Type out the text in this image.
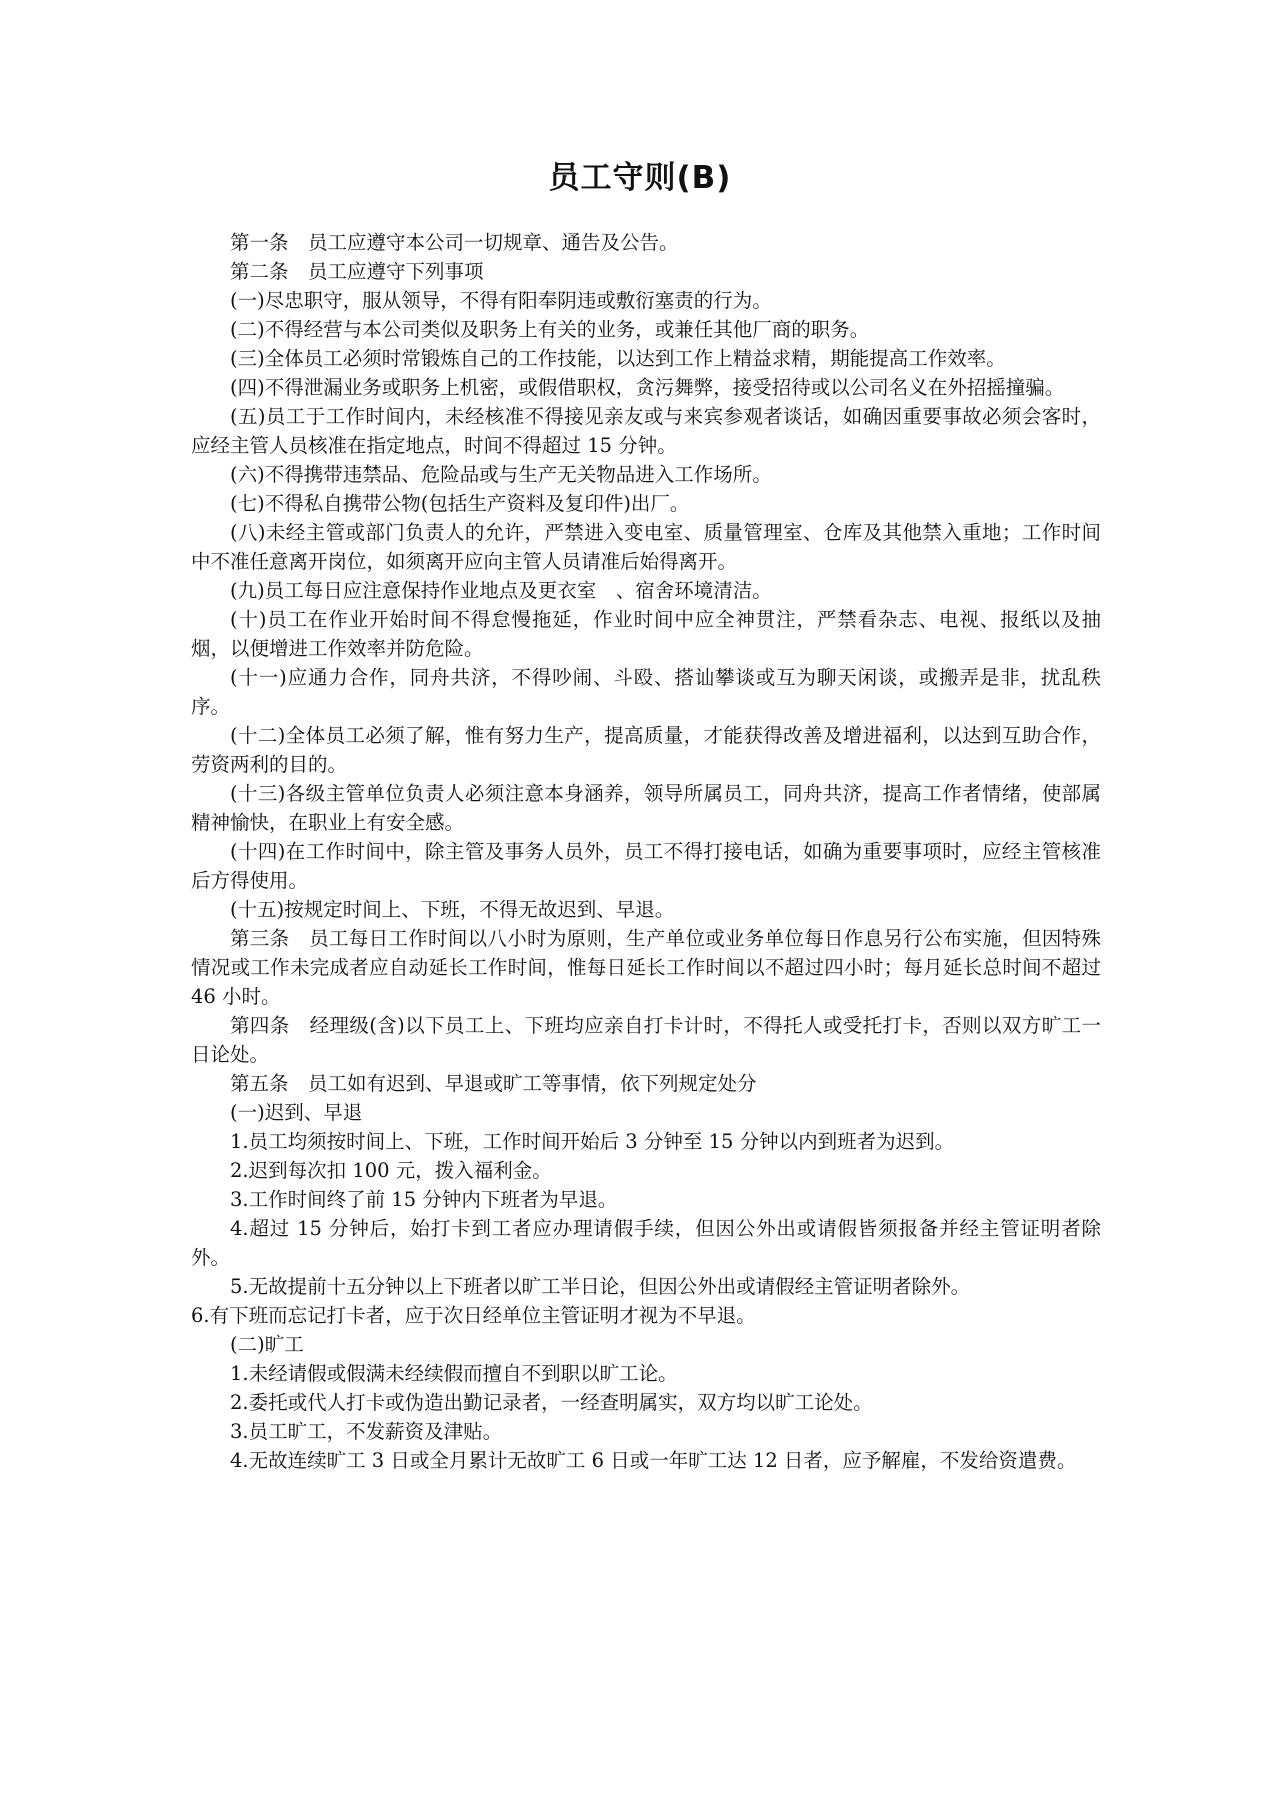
员工守则(B)

第一条　员工应遵守本公司一切规章、通告及公告。

第二条　员工应遵守下列事项

(一)尽忠职守，服从领导，不得有阳奉阴违或敷衍塞责的行为。

(二)不得经营与本公司类似及职务上有关的业务，或兼任其他厂商的职务。

(三)全体员工必须时常锻炼自己的工作技能，以达到工作上精益求精，期能提高工作效率。

(四)不得泄漏业务或职务上机密，或假借职权，贪污舞弊，接受招待或以公司名义在外招摇撞骗。

(五)员工于工作时间内，未经核准不得接见亲友或与来宾参观者谈话，如确因重要事故必须会客时，应经主管人员核准在指定地点，时间不得超过 15 分钟。

(六)不得携带违禁品、危险品或与生产无关物品进入工作场所。

(七)不得私自携带公物(包括生产资料及复印件)出厂。

(八)未经主管或部门负责人的允许，严禁进入变电室、质量管理室、仓库及其他禁入重地；工作时间中不准任意离开岗位，如须离开应向主管人员请准后始得离开。

(九)员工每日应注意保持作业地点及更衣室　、宿舍环境清洁。

(十)员工在作业开始时间不得怠慢拖延，作业时间中应全神贯注，严禁看杂志、电视、报纸以及抽烟，以便增进工作效率并防危险。

(十一)应通力合作，同舟共济，不得吵闹、斗殴、搭讪攀谈或互为聊天闲谈，或搬弄是非，扰乱秩序。

(十二)全体员工必须了解，惟有努力生产，提高质量，才能获得改善及增进福利，以达到互助合作，劳资两利的目的。

(十三)各级主管单位负责人必须注意本身涵养，领导所属员工，同舟共济，提高工作者情绪，使部属精神愉快，在职业上有安全感。

(十四)在工作时间中，除主管及事务人员外，员工不得打接电话，如确为重要事项时，应经主管核准后方得使用。

(十五)按规定时间上、下班，不得无故迟到、早退。

第三条　员工每日工作时间以八小时为原则，生产单位或业务单位每日作息另行公布实施，但因特殊情况或工作未完成者应自动延长工作时间，惟每日延长工作时间以不超过四小时；每月延长总时间不超过 46 小时。

第四条　经理级(含)以下员工上、下班均应亲自打卡计时，不得托人或受托打卡，否则以双方旷工一日论处。

第五条　员工如有迟到、早退或旷工等事情，依下列规定处分

(一)迟到、早退

1.员工均须按时间上、下班，工作时间开始后 3 分钟至 15 分钟以内到班者为迟到。

2.迟到每次扣 100 元，拨入福利金。

3.工作时间终了前 15 分钟内下班者为早退。

4.超过 15 分钟后，始打卡到工者应办理请假手续，但因公外出或请假皆须报备并经主管证明者除外。

5.无故提前十五分钟以上下班者以旷工半日论，但因公外出或请假经主管证明者除外。

6.有下班而忘记打卡者，应于次日经单位主管证明才视为不早退。

(二)旷工

1.未经请假或假满未经续假而擅自不到职以旷工论。

2.委托或代人打卡或伪造出勤记录者，一经查明属实，双方均以旷工论处。

3.员工旷工，不发薪资及津贴。

4.无故连续旷工 3 日或全月累计无故旷工 6 日或一年旷工达 12 日者，应予解雇，不发给资遣费。
